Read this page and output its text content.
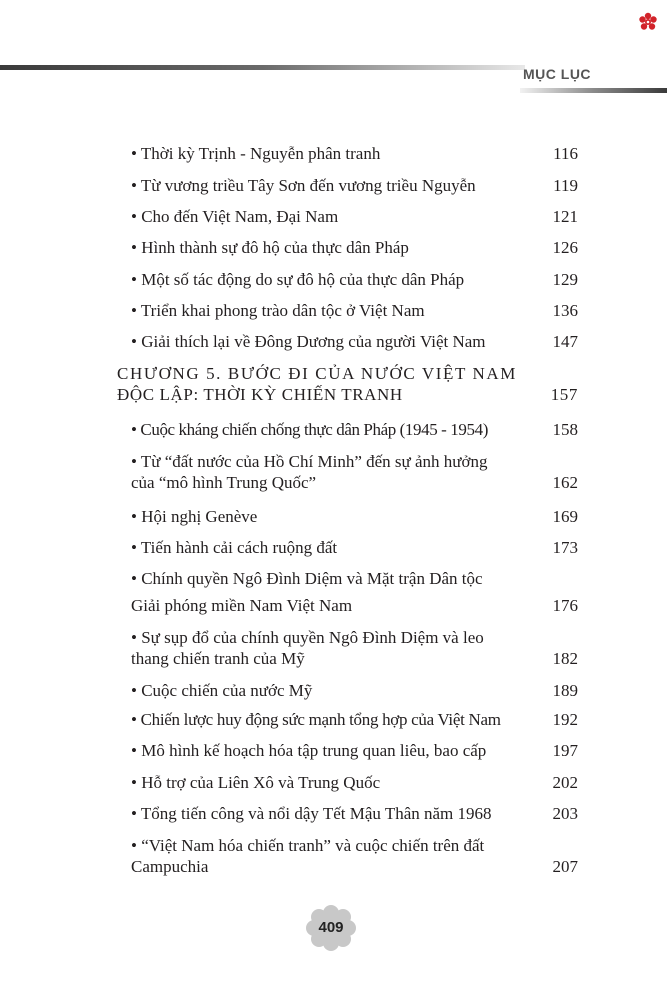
MỤC LỤC
• Thời kỳ Trịnh - Nguyễn phân tranh	116
• Từ vương triều Tây Sơn đến vương triều Nguyễn	119
• Cho đến Việt Nam, Đại Nam	121
• Hình thành sự đô hộ của thực dân Pháp	126
• Một số tác động do sự đô hộ của thực dân Pháp	129
• Triển khai phong trào dân tộc ở Việt Nam	136
• Giải thích lại về Đông Dương của người Việt Nam	147
CHƯƠNG 5. BƯỚC ĐI CỦA NƯỚC VIỆT NAM
ĐỘC LẬP: THỜI KỲ CHIẾN TRANH	157
• Cuộc kháng chiến chống thực dân Pháp (1945 - 1954)	158
• Từ “đất nước của Hồ Chí Minh” đến sự ảnh hưởng
của “mô hình Trung Quốc”	162
• Hội nghị Genève	169
• Tiến hành cải cách ruộng đất	173
• Chính quyền Ngô Đình Diệm và Mặt trận Dân tộc
Giải phóng miền Nam Việt Nam	176
• Sự sụp đổ của chính quyền Ngô Đình Diệm và leo
thang chiến tranh của Mỹ	182
• Cuộc chiến của nước Mỹ	189
• Chiến lược huy động sức mạnh tổng hợp của Việt Nam	192
• Mô hình kế hoạch hóa tập trung quan liêu, bao cấp	197
• Hỗ trợ của Liên Xô và Trung Quốc	202
• Tổng tiến công và nổi dậy Tết Mậu Thân năm 1968	203
• “Việt Nam hóa chiến tranh” và cuộc chiến trên đất
Campuchia	207
409
